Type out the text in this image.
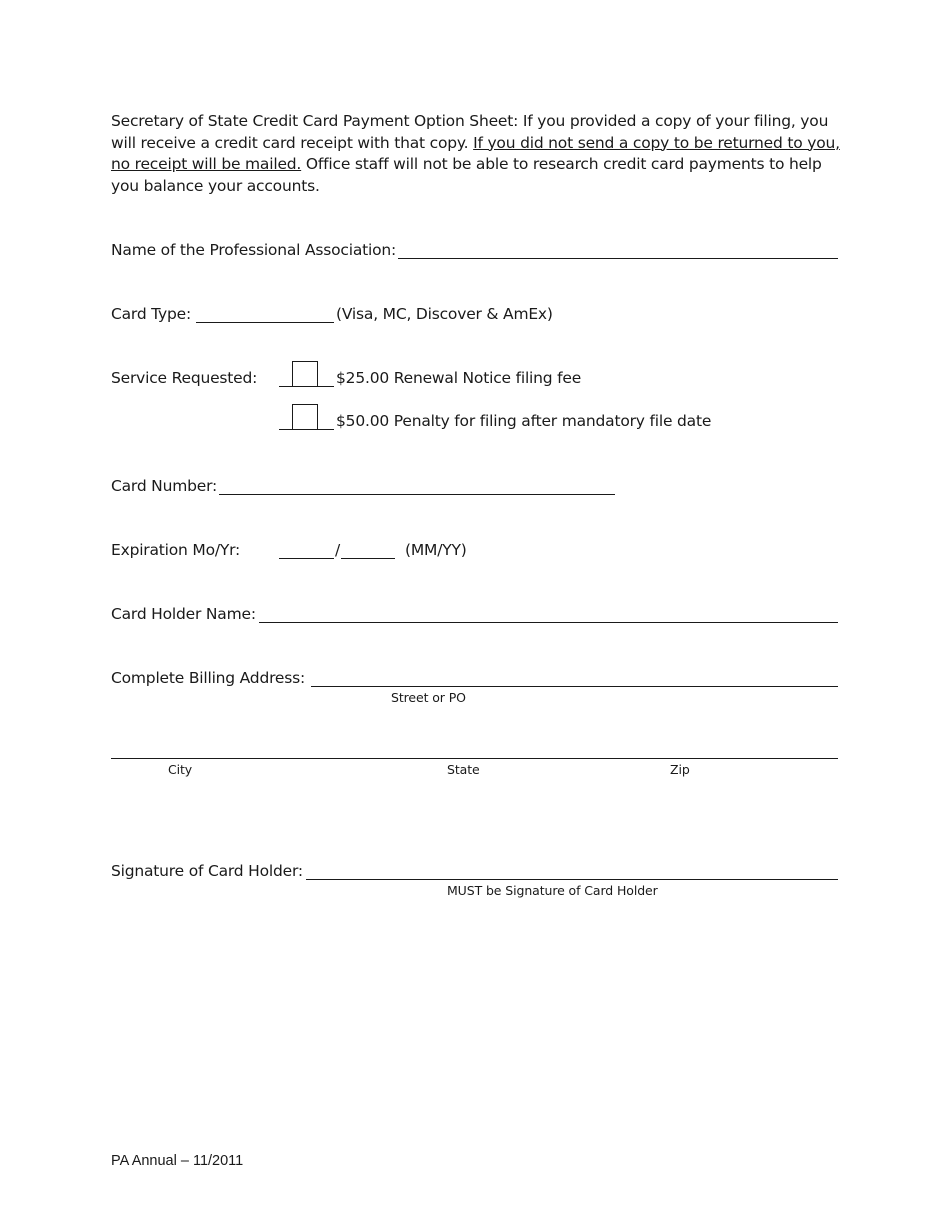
Secretary of State Credit Card Payment Option Sheet: If you provided a copy of your filing, you will receive a credit card receipt with that copy. If you did not send a copy to be returned to you, no receipt will be mailed. Office staff will not be able to research credit card payments to help you balance your accounts.
Name of the Professional Association:
Card Type:	(Visa, MC, Discover & AmEx)
Service Requested:	$25.00 Renewal Notice filing fee
$50.00 Penalty for filing after mandatory file date
Card Number:
Expiration Mo/Yr:	/	(MM/YY)
Card Holder Name:
Complete Billing Address:
Street or PO
City	State	Zip
Signature of Card Holder:
MUST be Signature of Card Holder
PA Annual – 11/2011
